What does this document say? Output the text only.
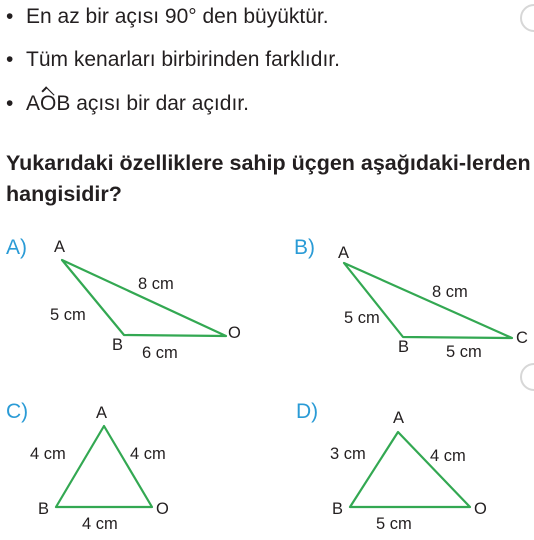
• En az bir açısı 90° den büyüktür.
• Tüm kenarları birbirinden farklıdır.
• AOB açısı bir dar açıdır.
Yukarıdaki özelliklere sahip üçgen aşağıdaki-lerden hangisidir?
A)	B)
C)	D)
A
B
O
8 cm
5 cm
6 cm
A
B	C
8 cm
5 cm
5 cm
A
B	O
4 cm	4 cm
4 cm
A
B	O
3 cm	4 cm
5 cm
